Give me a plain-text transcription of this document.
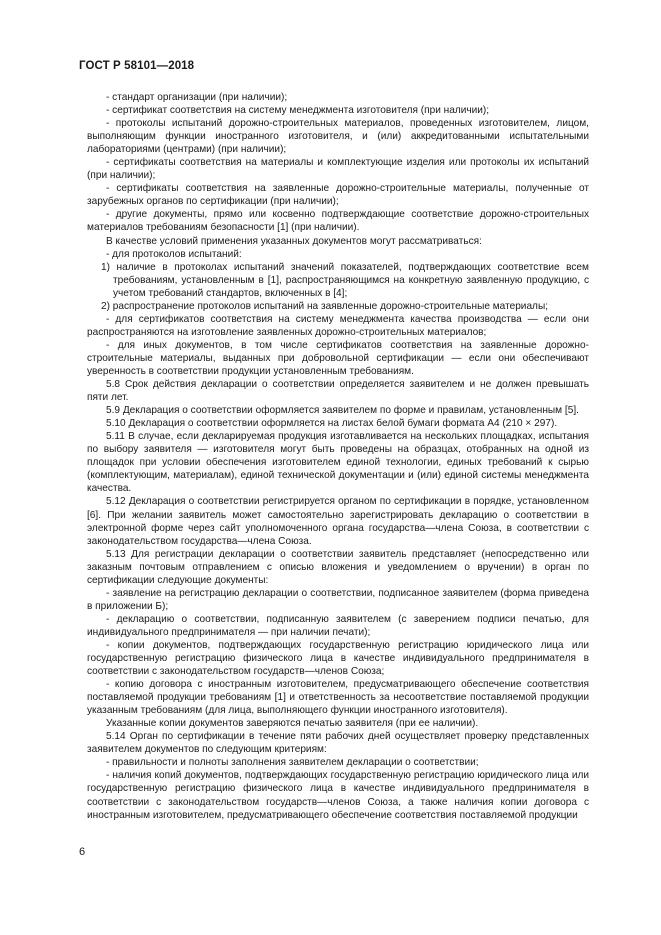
ГОСТ Р 58101—2018

- стандарт организации (при наличии);

- сертификат соответствия на систему менеджмента изготовителя (при наличии);

- протоколы испытаний дорожно-строительных материалов, проведенных изготовителем, лицом, выполняющим функции иностранного изготовителя, и (или) аккредитованными испытательными лабораториями (центрами) (при наличии);

- сертификаты соответствия на материалы и комплектующие изделия или протоколы их испытаний (при наличии);

- сертификаты соответствия на заявленные дорожно-строительные материалы, полученные от зарубежных органов по сертификации (при наличии);

- другие документы, прямо или косвенно подтверждающие соответствие дорожно-строительных материалов требованиям безопасности [1] (при наличии).

В качестве условий применения указанных документов могут рассматриваться:

- для протоколов испытаний:

1) наличие в протоколах испытаний значений показателей, подтверждающих соответствие всем требованиям, установленным в [1], распространяющимся на конкретную заявленную продукцию, с учетом требований стандартов, включенных в [4];

2) распространение протоколов испытаний на заявленные дорожно-строительные материалы;

- для сертификатов соответствия на систему менеджмента качества производства — если они распространяются на изготовление заявленных дорожно-строительных материалов;

- для иных документов, в том числе сертификатов соответствия на заявленные дорожно-строительные материалы, выданных при добровольной сертификации — если они обеспечивают уверенность в соответствии продукции установленным требованиям.

5.8 Срок действия декларации о соответствии определяется заявителем и не должен превышать пяти лет.

5.9 Декларация о соответствии оформляется заявителем по форме и правилам, установленным [5].

5.10 Декларация о соответствии оформляется на листах белой бумаги формата А4 (210 × 297).

5.11 В случае, если декларируемая продукция изготавливается на нескольких площадках, испытания по выбору заявителя — изготовителя могут быть проведены на образцах, отобранных на одной из площадок при условии обеспечения изготовителем единой технологии, единых требований к сырью (комплектующим, материалам), единой технической документации и (или) единой системы менеджмента качества.

5.12 Декларация о соответствии регистрируется органом по сертификации в порядке, установленном [6]. При желании заявитель может самостоятельно зарегистрировать декларацию о соответствии в электронной форме через сайт уполномоченного органа государства—члена Союза, в соответствии с законодательством государства—члена Союза.

5.13 Для регистрации декларации о соответствии заявитель представляет (непосредственно или заказным почтовым отправлением с описью вложения и уведомлением о вручении) в орган по сертификации следующие документы:

- заявление на регистрацию декларации о соответствии, подписанное заявителем (форма приведена в приложении Б);

- декларацию о соответствии, подписанную заявителем (с заверением подписи печатью, для индивидуального предпринимателя — при наличии печати);

- копии документов, подтверждающих государственную регистрацию юридического лица или государственную регистрацию физического лица в качестве индивидуального предпринимателя в соответствии с законодательством государств—членов Союза;

- копию договора с иностранным изготовителем, предусматривающего обеспечение соответствия поставляемой продукции требованиям [1] и ответственность за несоответствие поставляемой продукции указанным требованиям (для лица, выполняющего функции иностранного изготовителя).

Указанные копии документов заверяются печатью заявителя (при ее наличии).

5.14 Орган по сертификации в течение пяти рабочих дней осуществляет проверку представленных заявителем документов по следующим критериям:

- правильности и полноты заполнения заявителем декларации о соответствии;

- наличия копий документов, подтверждающих государственную регистрацию юридического лица или государственную регистрацию физического лица в качестве индивидуального предпринимателя в соответствии с законодательством государств—членов Союза, а также наличия копии договора с иностранным изготовителем, предусматривающего обеспечение соответствия поставляемой продукции

6
